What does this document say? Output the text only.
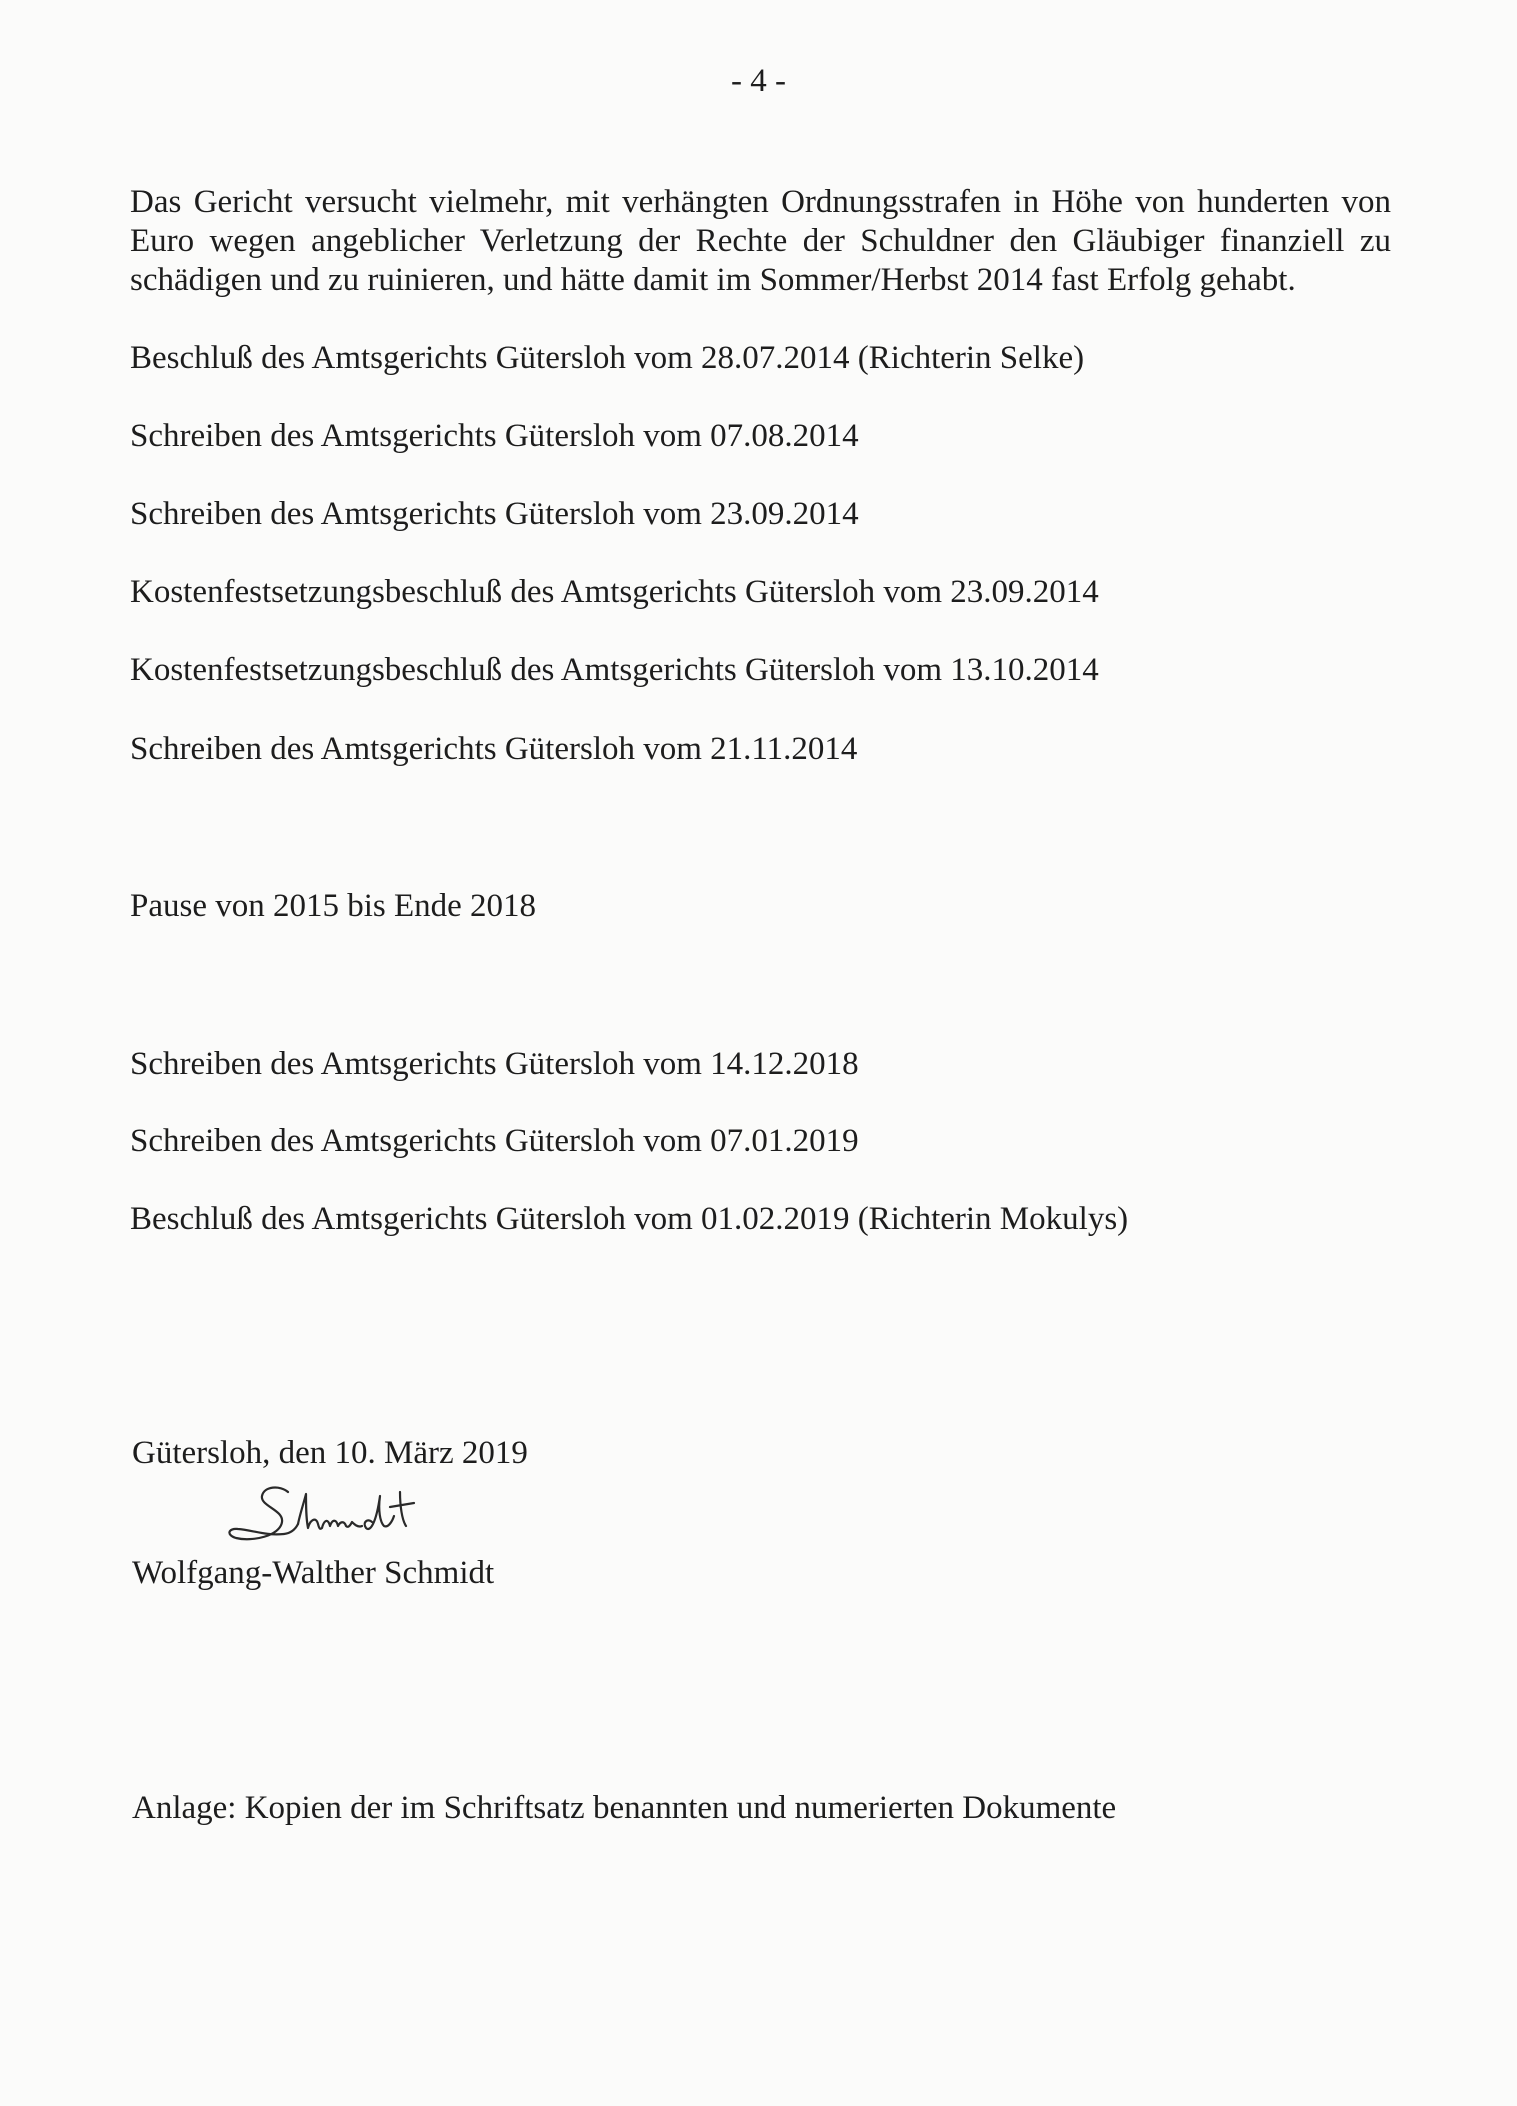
- 4 -
Das Gericht versucht vielmehr, mit verhängten Ordnungsstrafen in Höhe von hunderten von
Euro wegen angeblicher Verletzung der Rechte der Schuldner den Gläubiger finanziell zu
schädigen und zu ruinieren, und hätte damit im Sommer/Herbst 2014 fast Erfolg gehabt.
Beschluß des Amtsgerichts Gütersloh vom 28.07.2014 (Richterin Selke)
Schreiben des Amtsgerichts Gütersloh vom 07.08.2014
Schreiben des Amtsgerichts Gütersloh vom 23.09.2014
Kostenfestsetzungsbeschluß des Amtsgerichts Gütersloh vom 23.09.2014
Kostenfestsetzungsbeschluß des Amtsgerichts Gütersloh vom 13.10.2014
Schreiben des Amtsgerichts Gütersloh vom 21.11.2014
Pause von 2015 bis Ende 2018
Schreiben des Amtsgerichts Gütersloh vom 14.12.2018
Schreiben des Amtsgerichts Gütersloh vom 07.01.2019
Beschluß des Amtsgerichts Gütersloh vom 01.02.2019 (Richterin Mokulys)
Gütersloh, den 10. März 2019
Wolfgang-Walther Schmidt
Anlage: Kopien der im Schriftsatz benannten und numerierten Dokumente
